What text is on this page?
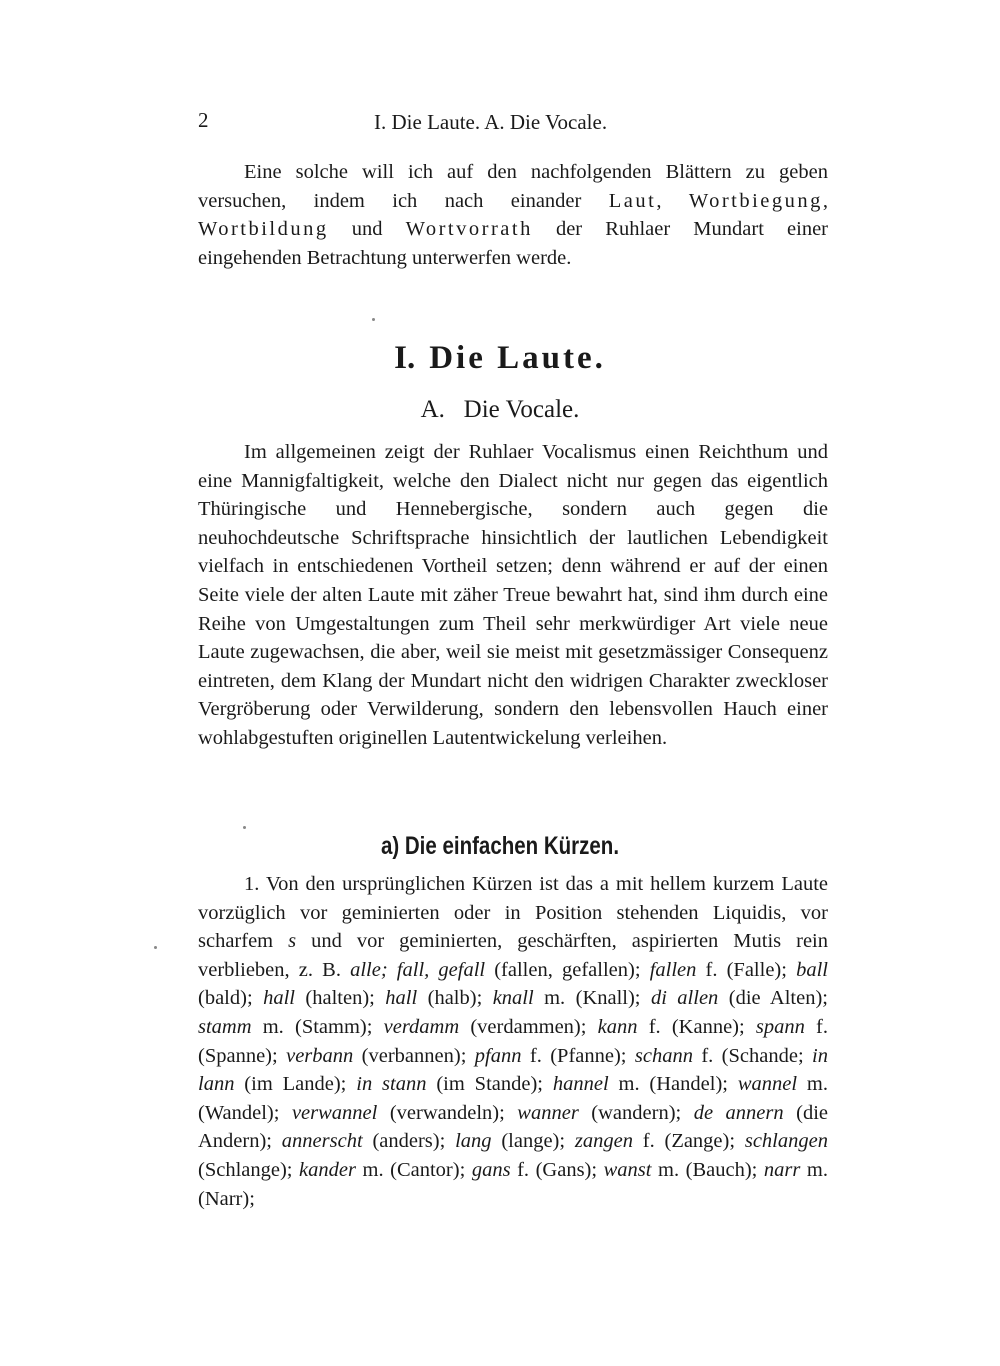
2	I. Die Laute. A. Die Vocale.

Eine solche will ich auf den nachfolgenden Blättern zu geben versuchen, indem ich nach einander Laut, Wortbiegung, Wortbildung und Wortvorrath der Ruhlaer Mundart einer eingehenden Betrachtung unterwerfen werde.

I. Die Laute.
A. Die Vocale.

Im allgemeinen zeigt der Ruhlaer Vocalismus einen Reichthum und eine Mannigfaltigkeit, welche den Dialect nicht nur gegen das eigentlich Thüringische und Hennebergische, sondern auch gegen die neuhochdeutsche Schriftsprache hinsichtlich der lautlichen Lebendigkeit vielfach in entschiedenen Vortheil setzen; denn während er auf der einen Seite viele der alten Laute mit zäher Treue bewahrt hat, sind ihm durch eine Reihe von Umgestaltungen zum Theil sehr merkwürdiger Art viele neue Laute zugewachsen, die aber, weil sie meist mit gesetzmässiger Consequenz eintreten, dem Klang der Mundart nicht den widrigen Charakter zweckloser Vergröberung oder Verwilderung, sondern den lebensvollen Hauch einer wohlabgestuften originellen Lautentwickelung verleihen.

a) Die einfachen Kürzen.

1. Von den ursprünglichen Kürzen ist das a mit hellem kurzem Laute vorzüglich vor geminierten oder in Position stehenden Liquidis, vor scharfem s und vor geminierten, geschärften, aspirierten Mutis rein verblieben, z. B. alle; fall, gefall (fallen, gefallen); fallen f. (Falle); ball (bald); hall (halten); hall (halb); knall m. (Knall); di allen (die Alten); stamm m. (Stamm); verdamm (verdammen); kann f. (Kanne); spann f. (Spanne); verbann (verbannen); pfann f. (Pfanne); schann f. (Schande; in lann (im Lande); in stann (im Stande); hannel m. (Handel); wannel m. (Wandel); verwannel (verwandeln); wanner (wandern); de annern (die Andern); annerscht (anders); lang (lange); zangen f. (Zange); schlangen (Schlange); kander m. (Cantor); gans f. (Gans); wanst m. (Bauch); narr m. (Narr);
